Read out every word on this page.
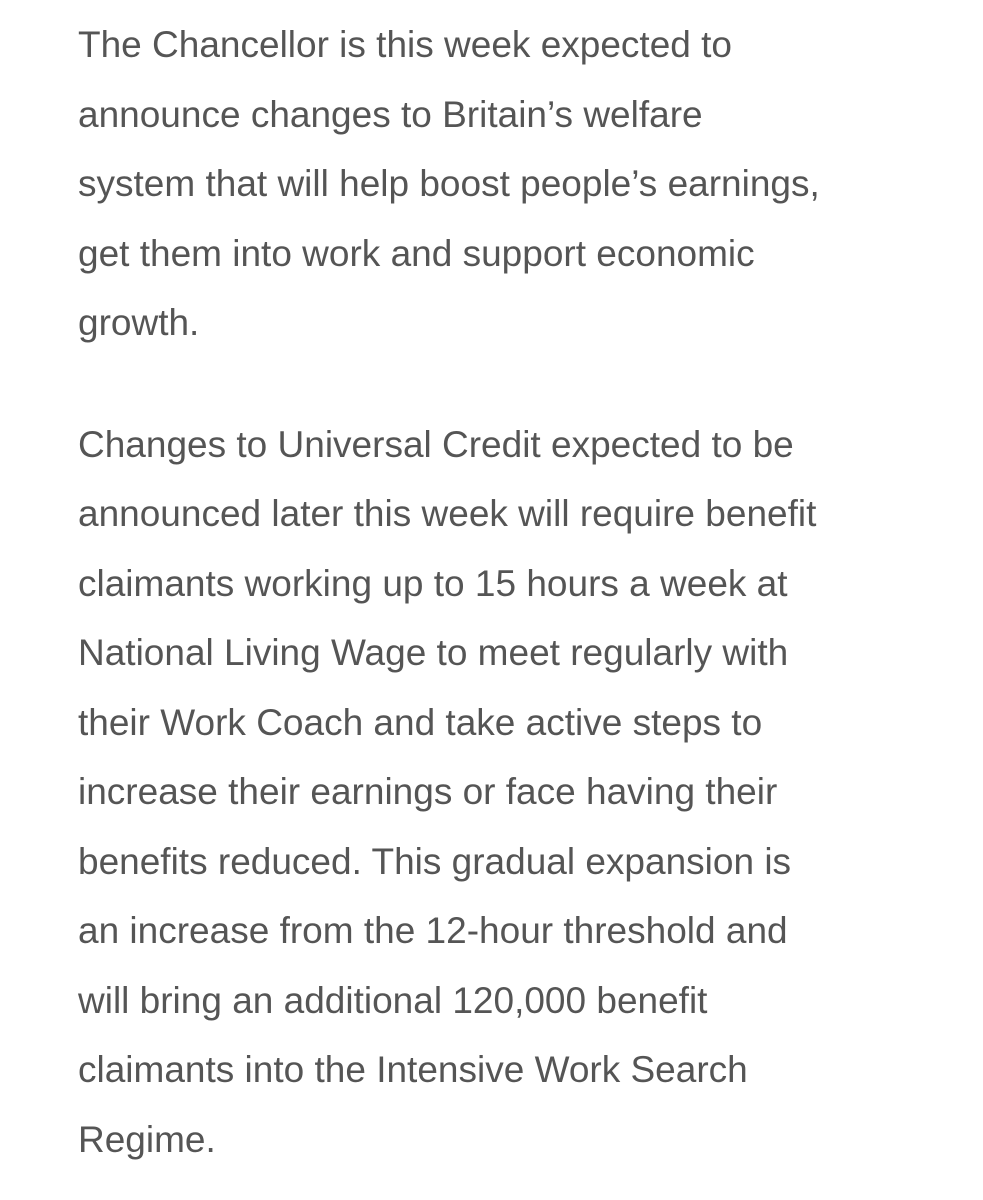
The Chancellor is this week expected to
announce changes to Britain’s welfare
system that will help boost people’s earnings,
get them into work and support economic
growth.
Changes to Universal Credit expected to be
announced later this week will require benefit
claimants working up to 15 hours a week at
National Living Wage to meet regularly with
their Work Coach and take active steps to
increase their earnings or face having their
benefits reduced. This gradual expansion is
an increase from the 12-hour threshold and
will bring an additional 120,000 benefit
claimants into the Intensive Work Search
Regime.
